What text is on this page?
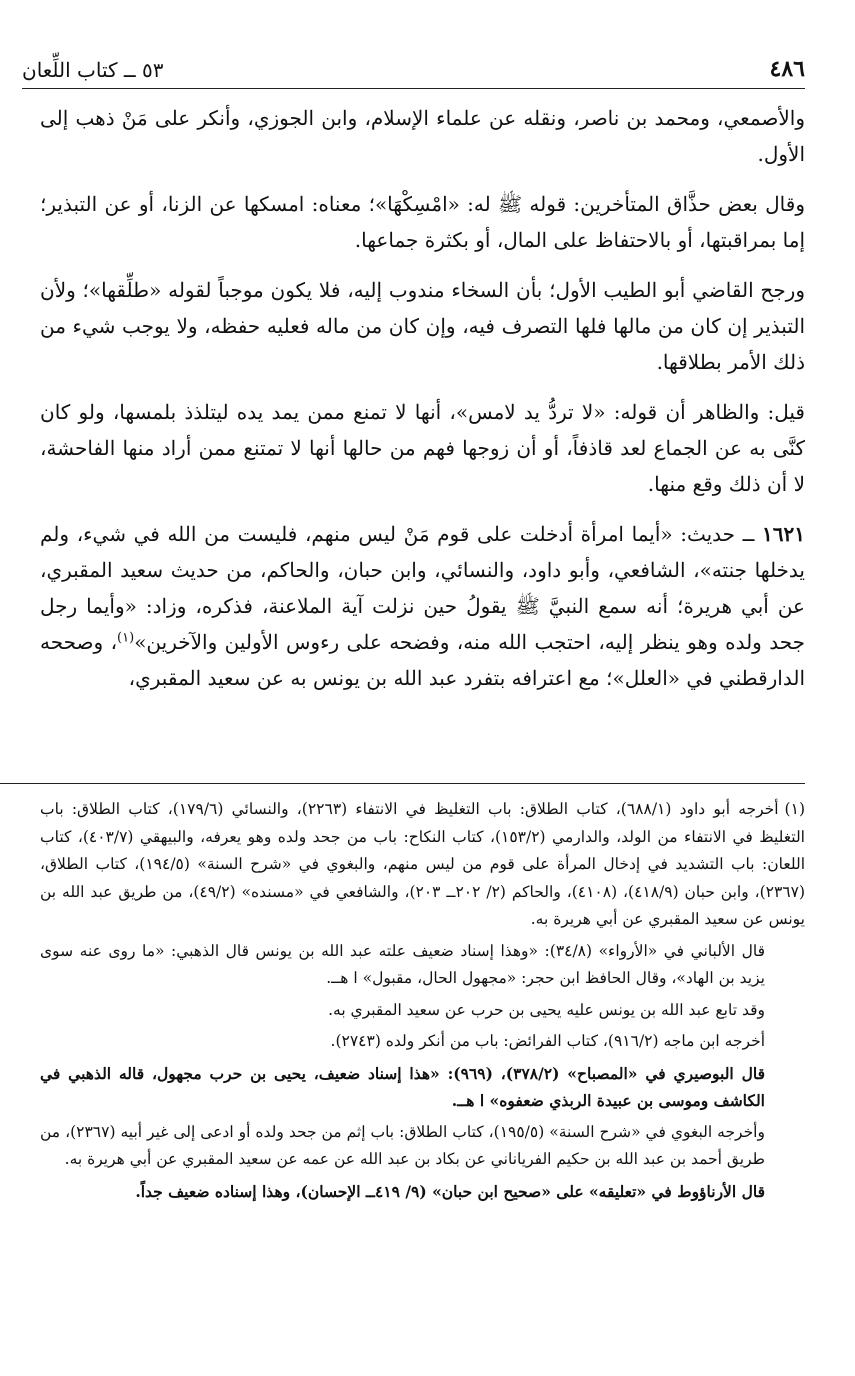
٤٨٦
٥٣ ــ كتاب اللِّعان

والأصمعي، ومحمد بن ناصر، ونقله عن علماء الإسلام، وابن الجوزي، وأنكر على مَنْ ذهب إلى الأول.

وقال بعض حذَّاق المتأخرين: قوله ﷺ له: «امْسِكْهَا»؛ معناه: امسكها عن الزنا، أو عن التبذير؛ إما بمراقبتها، أو بالاحتفاظ على المال، أو بكثرة جماعها.

ورجح القاضي أبو الطيب الأول؛ بأن السخاء مندوب إليه، فلا يكون موجباً لقوله «طلِّقها»؛ ولأن التبذير إن كان من مالها فلها التصرف فيه، وإن كان من ماله فعليه حفظه، ولا يوجب شيء من ذلك الأمر بطلاقها.

قيل: والظاهر أن قوله: «لا تردُّ يد لامس»، أنها لا تمنع ممن يمد يده ليتلذذ بلمسها، ولو كان كنَّى به عن الجماع لعد قاذفاً، أو أن زوجها فهم من حالها أنها لا تمتنع ممن أراد منها الفاحشة، لا أن ذلك وقع منها.

١٦٢١ ــ حديث: «أيما امرأة أدخلت على قوم مَنْ ليس منهم، فليست من الله في شيء، ولم يدخلها جنته»، الشافعي، وأبو داود، والنسائي، وابن حبان، والحاكم، من حديث سعيد المقبري، عن أبي هريرة؛ أنه سمع النبيَّ ﷺ يقولُ حين نزلت آية الملاعنة، فذكره، وزاد: «وأيما رجل جحد ولده وهو ينظر إليه، احتجب الله منه، وفضحه على رءوس الأولين والآخرين»$^{(١)}$، وصححه الدارقطني في «العلل»؛ مع اعترافه بتفرد عبد الله بن يونس به عن سعيد المقبري،

(١)أخرجه أبو داود (٦٨٨/١)، كتاب الطلاق: باب التغليظ في الانتفاء (٢٢٦٣)، والنسائي (١٧٩/٦)، كتاب الطلاق: باب التغليظ في الانتفاء من الولد، والدارمي (١٥٣/٢)، كتاب النكاح: باب من جحد ولده وهو يعرفه، والبيهقي (٤٠٣/٧)، كتاب اللعان: باب التشديد في إدخال المرأة على قوم من ليس منهم، والبغوي في «شرح السنة» (١٩٤/٥)، كتاب الطلاق، (٢٣٦٧)، وابن حبان (٤١٨/٩)، (٤١٠٨)، والحاكم (٢/ ٢٠٢ــ ٢٠٣)، والشافعي في «مسنده» (٤٩/٢)، من طريق عبد الله بن يونس عن سعيد المقبري عن أبي هريرة به.

قال الألباني في «الأرواء» (٣٤/٨): «وهذا إسناد ضعيف علته عبد الله بن يونس قال الذهبي: «ما روى عنه سوى يزيد بن الهاد»، وقال الحافظ ابن حجر: «مجهول الحال، مقبول» ا هــ.

وقد تابع عبد الله بن يونس عليه يحيى بن حرب عن سعيد المقبري به.

أخرجه ابن ماجه (٩١٦/٢)، كتاب الفرائض: باب من أنكر ولده (٢٧٤٣).

قال البوصيري في «المصباح» (٣٧٨/٢)، (٩٦٩): «هذا إسناد ضعيف، يحيى بن حرب مجهول، قاله الذهبي في الكاشف وموسى بن عبيدة الربذي ضعفوه» ا هــ.

وأخرجه البغوي في «شرح السنة» (١٩٥/٥)، كتاب الطلاق: باب إثم من جحد ولده أو ادعى إلى غير أبيه (٢٣٦٧)، من طريق أحمد بن عبد الله بن حكيم الفرياناني عن بكاد بن عبد الله عن عمه عن سعيد المقبري عن أبي هريرة به.

قال الأرناؤوط في «تعليقه» على «صحيح ابن حبان» (٩/ ٤١٩ــ الإحسان)، وهذا إسناده ضعيف جداً.
